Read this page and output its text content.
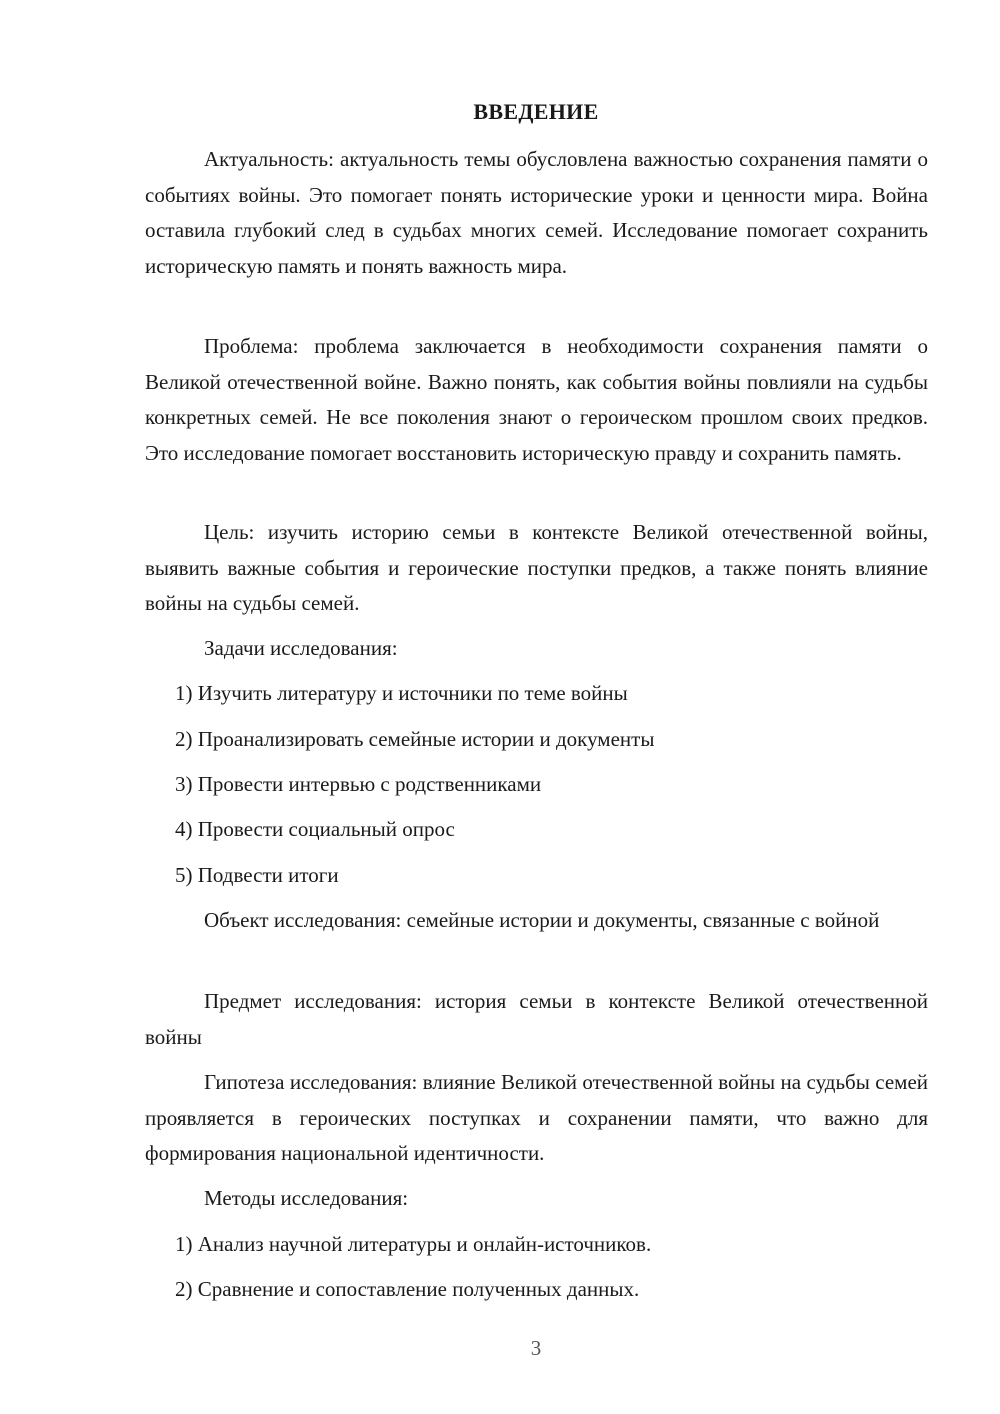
ВВЕДЕНИЕ

Актуальность: актуальность темы обусловлена важностью сохранения памяти о событиях войны. Это помогает понять исторические уроки и ценности мира. Война оставила глубокий след в судьбах многих семей. Исследование помогает сохранить историческую память и понять важность мира.

Проблема: проблема заключается в необходимости сохранения памяти о Великой отечественной войне. Важно понять, как события войны повлияли на судьбы конкретных семей. Не все поколения знают о героическом прошлом своих предков. Это исследование помогает восстановить историческую правду и сохранить память.

Цель: изучить историю семьи в контексте Великой отечественной войны, выявить важные события и героические поступки предков, а также понять влияние войны на судьбы семей.

Задачи исследования:

1) Изучить литературу и источники по теме войны

2) Проанализировать семейные истории и документы

3) Провести интервью с родственниками

4) Провести социальный опрос

5) Подвести итоги

Объект исследования: семейные истории и документы, связанные с войной

Предмет исследования: история семьи в контексте Великой отечественной войны

Гипотеза исследования: влияние Великой отечественной войны на судьбы семей проявляется в героических поступках и сохранении памяти, что важно для формирования национальной идентичности.

Методы исследования:

1) Анализ научной литературы и онлайн-источников.

2) Сравнение и сопоставление полученных данных.

3
